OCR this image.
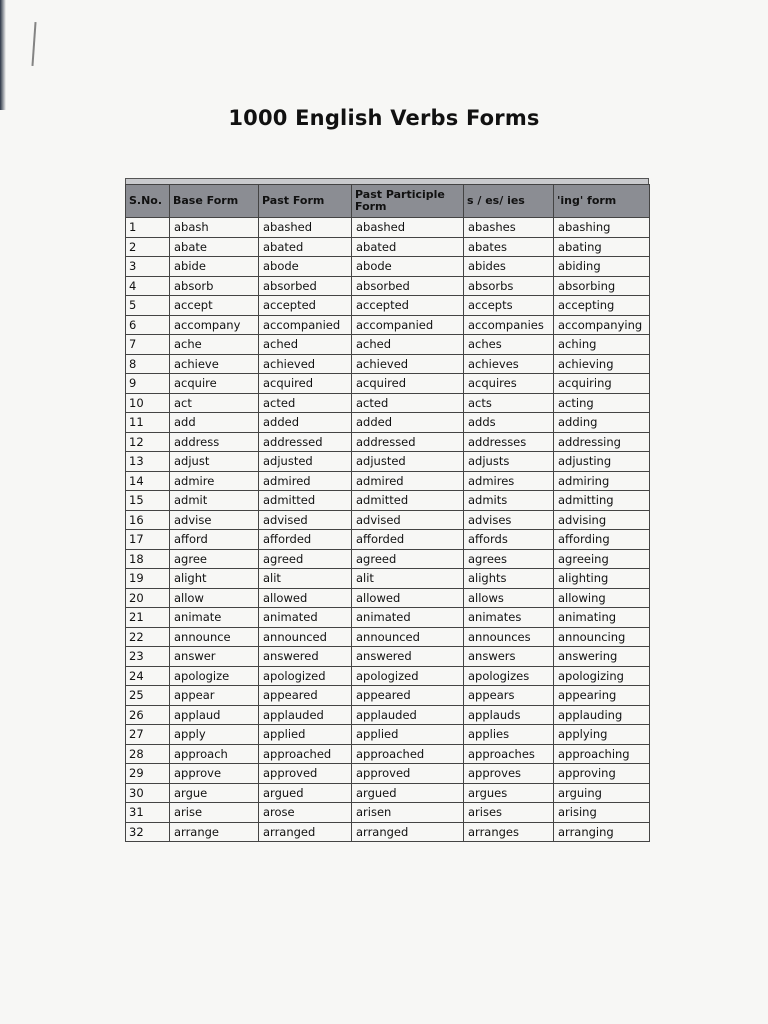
1000 English Verbs Forms
S.No.	Base Form	Past Form	Past Participle Form	s / es/ ies	'ing' form
1	abash	abashed	abashed	abashes	abashing
2	abate	abated	abated	abates	abating
3	abide	abode	abode	abides	abiding
4	absorb	absorbed	absorbed	absorbs	absorbing
5	accept	accepted	accepted	accepts	accepting
6	accompany	accompanied	accompanied	accompanies	accompanying
7	ache	ached	ached	aches	aching
8	achieve	achieved	achieved	achieves	achieving
9	acquire	acquired	acquired	acquires	acquiring
10	act	acted	acted	acts	acting
11	add	added	added	adds	adding
12	address	addressed	addressed	addresses	addressing
13	adjust	adjusted	adjusted	adjusts	adjusting
14	admire	admired	admired	admires	admiring
15	admit	admitted	admitted	admits	admitting
16	advise	advised	advised	advises	advising
17	afford	afforded	afforded	affords	affording
18	agree	agreed	agreed	agrees	agreeing
19	alight	alit	alit	alights	alighting
20	allow	allowed	allowed	allows	allowing
21	animate	animated	animated	animates	animating
22	announce	announced	announced	announces	announcing
23	answer	answered	answered	answers	answering
24	apologize	apologized	apologized	apologizes	apologizing
25	appear	appeared	appeared	appears	appearing
26	applaud	applauded	applauded	applauds	applauding
27	apply	applied	applied	applies	applying
28	approach	approached	approached	approaches	approaching
29	approve	approved	approved	approves	approving
30	argue	argued	argued	argues	arguing
31	arise	arose	arisen	arises	arising
32	arrange	arranged	arranged	arranges	arranging
